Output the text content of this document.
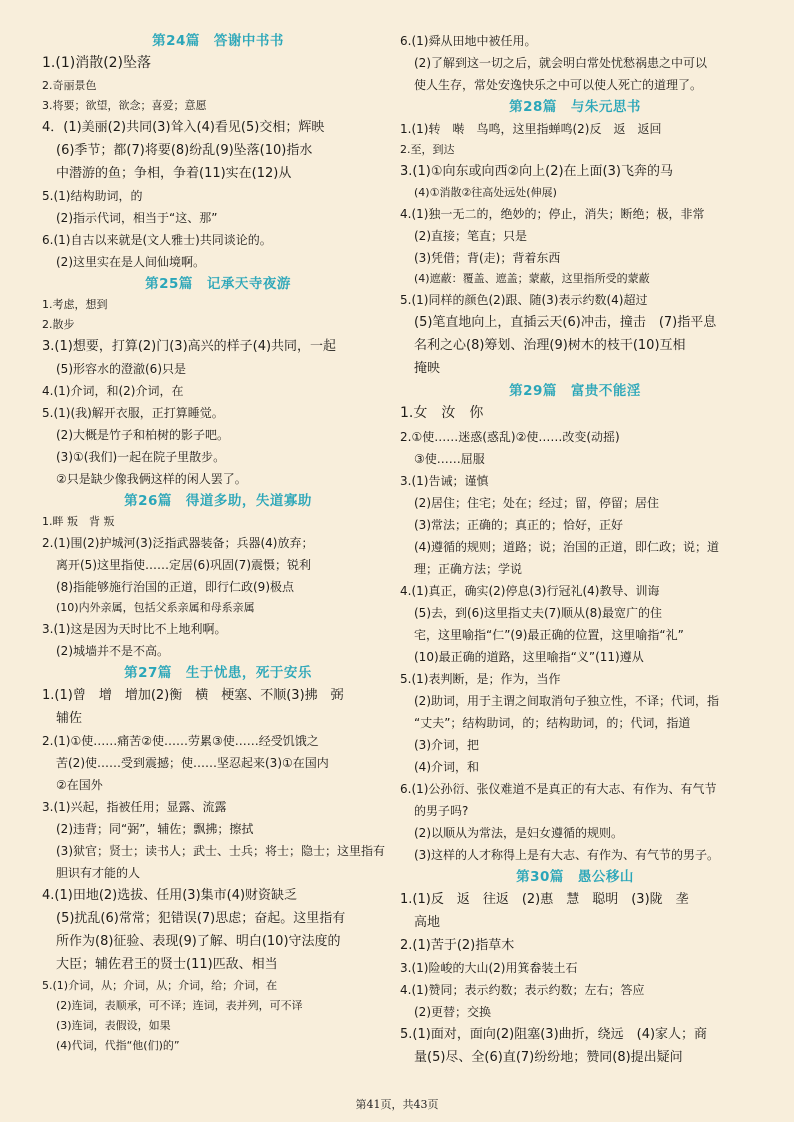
第24篇　答谢中书书
1.(1)消散(2)坠落
2.奇丽景色
3.将要；欲望，欲念；喜爱；意愿
4．(1)美丽(2)共同(3)耸入(4)看见(5)交相；辉映
(6)季节；都(7)将要(8)纷乱(9)坠落(10)指水
中潜游的鱼；争相，争着(11)实在(12)从
5.(1)结构助词，的
(2)指示代词，相当于“这、那”
6.(1)自古以来就是(文人雅士)共同谈论的。
(2)这里实在是人间仙境啊。
第25篇　记承天寺夜游
1.考虑，想到
2.散步
3.(1)想要，打算(2)门(3)高兴的样子(4)共同，一起
(5)形容水的澄澈(6)只是
4.(1)介词，和(2)介词，在
5.(1)(我)解开衣服，正打算睡觉。
(2)大概是竹子和柏树的影子吧。
(3)①(我们)一起在院子里散步。
②只是缺少像我俩这样的闲人罢了。
第26篇　得道多助，失道寡助
1.畔 叛　背 叛
2.(1)围(2)护城河(3)泛指武器装备；兵器(4)放弃；
离开(5)这里指使……定居(6)巩固(7)震慑；锐利
(8)指能够施行治国的正道，即行仁政(9)极点
(10)内外亲属，包括父系亲属和母系亲属
3.(1)这是因为天时比不上地利啊。
(2)城墙并不是不高。
第27篇　生于忧患，死于安乐
1.(1)曾　增　增加(2)衡　横　梗塞、不顺(3)拂　弼
辅佐
2.(1)①使……痛苦②使……劳累③使……经受饥饿之
苦(2)使……受到震撼；使……坚忍起来(3)①在国内
②在国外
3.(1)兴起，指被任用；显露、流露
(2)违背；同“弼”，辅佐；飘拂；擦拭
(3)狱官；贤士；读书人；武士、士兵；将士；隐士；这里指有
胆识有才能的人
4.(1)田地(2)选拔、任用(3)集市(4)财资缺乏
(5)扰乱(6)常常；犯错误(7)思虑；奋起。这里指有
所作为(8)征验、表现(9)了解、明白(10)守法度的
大臣；辅佐君王的贤士(11)匹敌、相当
5.(1)介词，从；介词，从；介词，给；介词，在
(2)连词，表顺承，可不译；连词，表并列，可不译
(3)连词，表假设，如果
(4)代词，代指“他(们)的”
6.(1)舜从田地中被任用。
(2)了解到这一切之后，就会明白常处忧愁祸患之中可以
使人生存，常处安逸快乐之中可以使人死亡的道理了。
第28篇　与朱元思书
1.(1)转　啭　鸟鸣，这里指蝉鸣(2)反　返　返回
2.至，到达
3.(1)①向东或向西②向上(2)在上面(3)飞奔的马
(4)①消散②往高处远处(伸展)
4.(1)独一无二的，绝妙的；停止，消失；断绝；极，非常
(2)直接；笔直；只是
(3)凭借；背(走)；背着东西
(4)遮蔽：覆盖、遮盖；蒙蔽，这里指所受的蒙蔽
5.(1)同样的颜色(2)跟、随(3)表示约数(4)超过
(5)笔直地向上，直插云天(6)冲击，撞击　(7)指平息
名利之心(8)筹划、治理(9)树木的枝干(10)互相
掩映
第29篇　富贵不能淫
1.女　汝　你
2.①使……迷惑(惑乱)②使……改变(动摇)
③使……屈服
3.(1)告诫；谨慎
(2)居住；住宅；处在；经过；留，停留；居住
(3)常法；正确的；真正的；恰好，正好
(4)遵循的规则；道路；说；治国的正道，即仁政；说；道
理；正确方法；学说
4.(1)真正，确实(2)停息(3)行冠礼(4)教导、训诲
(5)去，到(6)这里指丈夫(7)顺从(8)最宽广的住
宅，这里喻指“仁”(9)最正确的位置，这里喻指“礼”
(10)最正确的道路，这里喻指“义”(11)遵从
5.(1)表判断，是；作为，当作
(2)助词，用于主谓之间取消句子独立性，不译；代词，指
“丈夫”；结构助词，的；结构助词，的；代词，指道
(3)介词，把
(4)介词，和
6.(1)公孙衍、张仪难道不是真正的有大志、有作为、有气节
的男子吗?
(2)以顺从为常法，是妇女遵循的规则。
(3)这样的人才称得上是有大志、有作为、有气节的男子。
第30篇　愚公移山
1.(1)反　返　往返　(2)惠　慧　聪明　(3)陇　垄
高地
2.(1)苦于(2)指草木
3.(1)险峻的大山(2)用箕畚装土石
4.(1)赞同；表示约数；表示约数；左右；答应
(2)更替；交换
5.(1)面对，面向(2)阻塞(3)曲折，绕远　(4)家人；商
量(5)尽、全(6)直(7)纷纷地；赞同(8)提出疑问
第41页，共43页
